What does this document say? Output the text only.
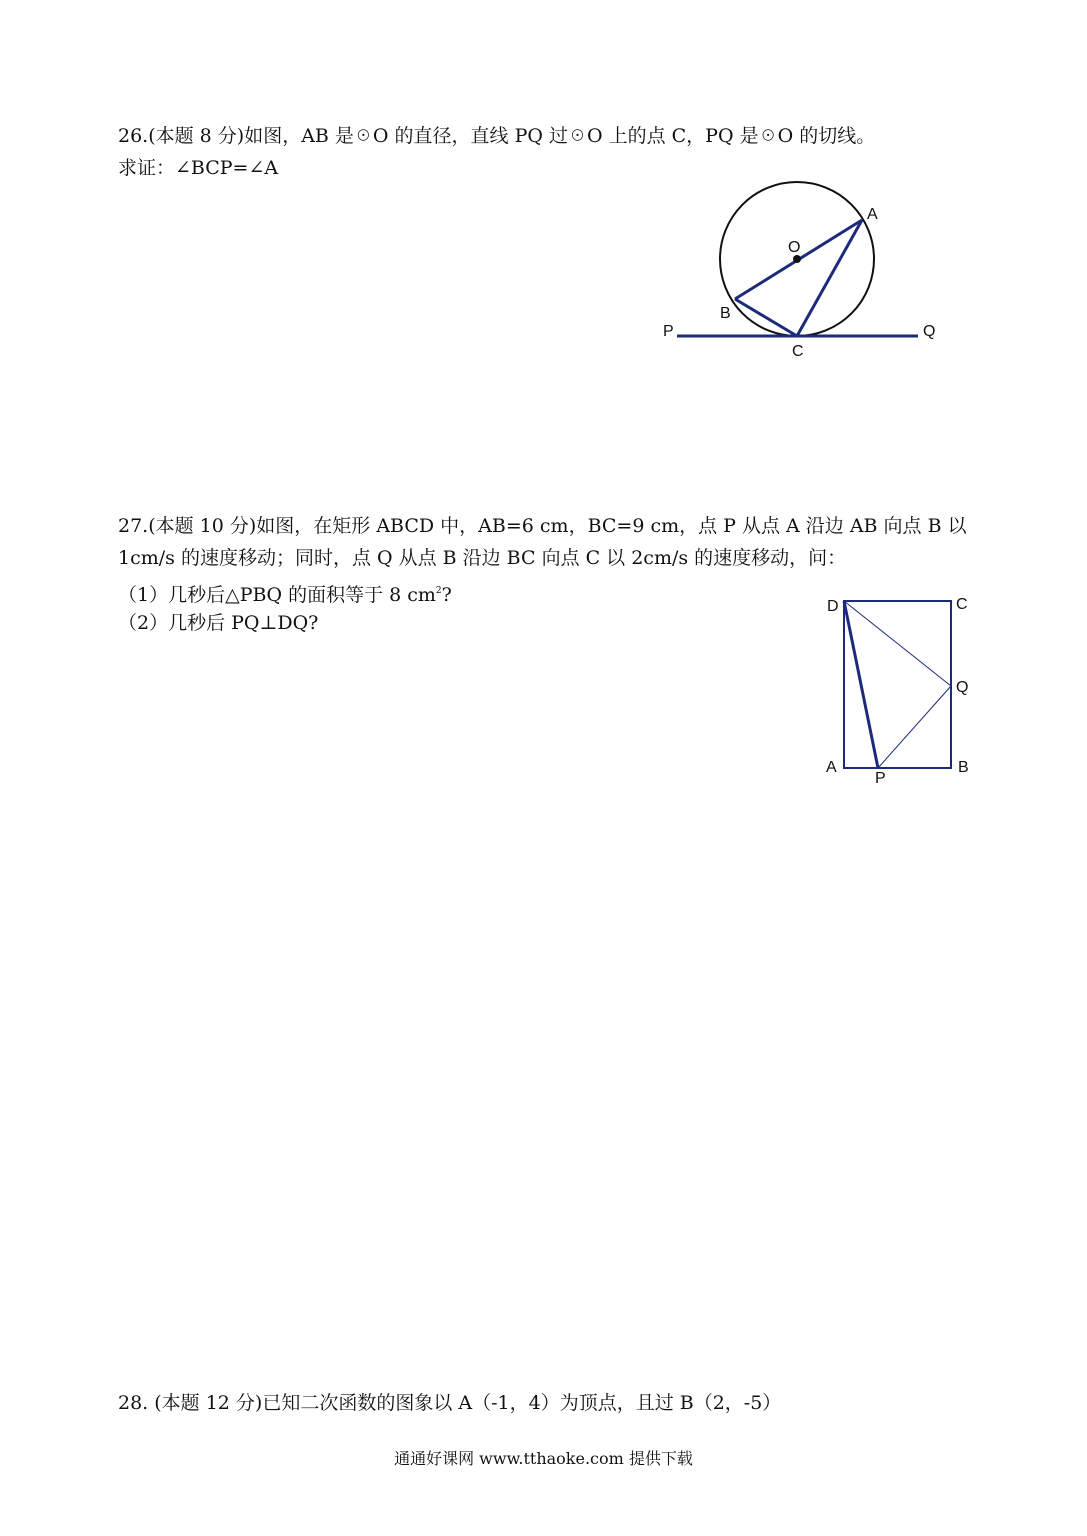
26.(本题 8 分)如图，AB 是☉O 的直径，直线 PQ 过☉O 上的点 C，PQ 是☉O 的切线。
求证：∠BCP=∠A
O
A
B
C
P	Q
27.(本题 10 分)如图，在矩形 ABCD 中，AB=6 cm，BC=9 cm，点 P 从点 A 沿边 AB 向点 B 以
1cm/s 的速度移动；同时，点 Q 从点 B 沿边 BC 向点 C 以 2cm/s 的速度移动，问：
（1）几秒后△PBQ 的面积等于 8 $cm^2$?
（2）几秒后 PQ⊥DQ?
D	C
Q
A
P
B
28. (本题 12 分)已知二次函数的图象以 A（-1，4）为顶点，且过 B（2，-5）
通通好课网 www.tthaoke.com 提供下载
